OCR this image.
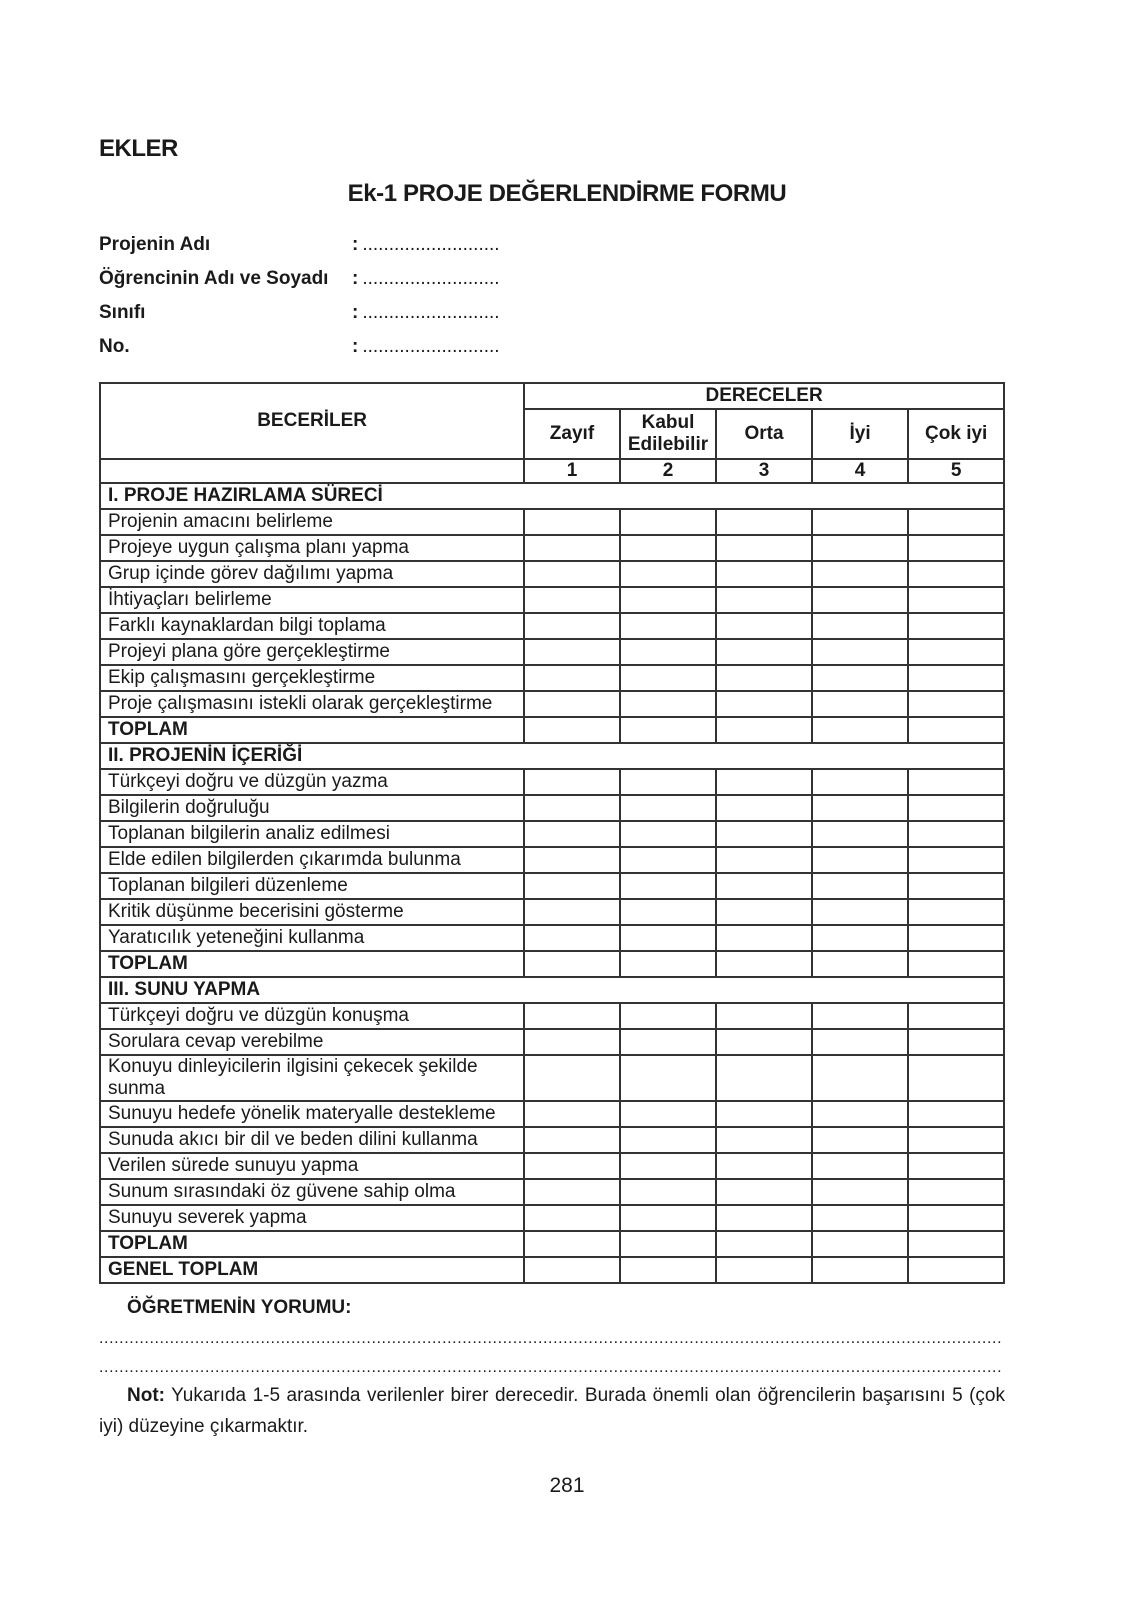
EKLER
Ek-1 PROJE DEĞERLENDİRME FORMU
Projenin Adı	: ..........................
Öğrencinin Adı ve Soyadı : ..........................
Sınıfı	: ..........................
No.	: ..........................
BECERİLER	DERECELER				
	Zayıf	Kabul Edilebilir	Orta	İyi	Çok iyi
	1	2	3	4	5
I. PROJE HAZIRLAMA SÜRECİ					
Projenin amacını belirleme					
Projeye uygun çalışma planı yapma					
Grup içinde görev dağılımı yapma					
İhtiyaçları belirleme					
Farklı kaynaklardan bilgi toplama					
Projeyi plana göre gerçekleştirme					
Ekip çalışmasını gerçekleştirme					
Proje çalışmasını istekli olarak gerçekleştirme					
TOPLAM					
II. PROJENİN İÇERİĞİ					
Türkçeyi doğru ve düzgün yazma					
Bilgilerin doğruluğu					
Toplanan bilgilerin analiz edilmesi					
Elde edilen bilgilerden çıkarımda bulunma					
Toplanan bilgileri düzenleme					
Kritik düşünme becerisini gösterme					
Yaratıcılık yeteneğini kullanma					
TOPLAM					
III. SUNU YAPMA					
Türkçeyi doğru ve düzgün konuşma					
Sorulara cevap verebilme					
Konuyu dinleyicilerin ilgisini çekecek şekilde sunma					
Sunuyu hedefe yönelik materyalle destekleme					
Sunuda akıcı bir dil ve beden dilini kullanma					
Verilen sürede sunuyu yapma					
Sunum sırasındaki öz güvene sahip olma					
Sunuyu severek yapma					
TOPLAM					
GENEL TOPLAM					

ÖĞRETMENİN YORUMU:

...................................................................................................................................................................................
...................................................................................................................................................................................

Not: Yukarıda 1-5 arasında verilenler birer derecedir. Burada önemli olan öğrencilerin başarısını 5 (çok iyi) düzeyine çıkarmaktır.

281
